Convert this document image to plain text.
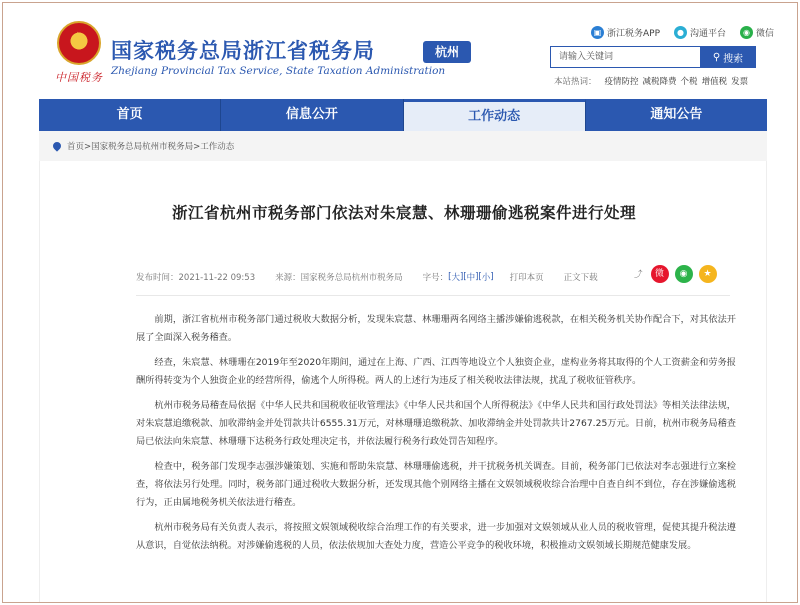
★
中国税务
国家税务总局浙江省税务局
Zhejiang Provincial Tax Service, State Taxation Administration
杭州
▣ 浙江税务APP	● 沟通平台	◉ 微信
请输入关键词	⚲ 搜索
本站热词： 疫情防控 减税降费 个税 增值税 发票
首页	信息公开	工作动态	通知公告
首页>国家税务总局杭州市税务局>工作动态
浙江省杭州市税务部门依法对朱宸慧、林珊珊偷逃税案件进行处理
发布时间：2021-11-22 09:53 来源：国家税务总局杭州市税务局 字号： [ 大 ][ 中 ][ 小 ] 打印本页 正文下载	⤴	微	◉	★

前期，浙江省杭州市税务部门通过税收大数据分析，发现朱宸慧、林珊珊两名网络主播涉嫌偷逃税款，在相关税务机关协作配合下，对其依法开展了全面深入税务稽查。

经查，朱宸慧、林珊珊在2019年至2020年期间，通过在上海、广西、江西等地设立个人独资企业，虚构业务将其取得的个人工资薪金和劳务报酬所得转变为个人独资企业的经营所得，偷逃个人所得税。两人的上述行为违反了相关税收法律法规，扰乱了税收征管秩序。

杭州市税务局稽查局依据《中华人民共和国税收征收管理法》《中华人民共和国个人所得税法》《中华人民共和国行政处罚法》等相关法律法规，对朱宸慧追缴税款、加收滞纳金并处罚款共计6555.31万元，对林珊珊追缴税款、加收滞纳金并处罚款共计2767.25万元。日前，杭州市税务局稽查局已依法向朱宸慧、林珊珊下达税务行政处理决定书，并依法履行税务行政处罚告知程序。

检查中，税务部门发现李志强涉嫌策划、实施和帮助朱宸慧、林珊珊偷逃税，并干扰税务机关调查。目前，税务部门已依法对李志强进行立案检查，将依法另行处理。同时，税务部门通过税收大数据分析，还发现其他个别网络主播在文娱领域税收综合治理中自查自纠不到位，存在涉嫌偷逃税行为，正由属地税务机关依法进行稽查。

杭州市税务局有关负责人表示，将按照文娱领域税收综合治理工作的有关要求，进一步加强对文娱领域从业人员的税收管理，促使其提升税法遵从意识，自觉依法纳税。对涉嫌偷逃税的人员，依法依规加大查处力度，营造公平竞争的税收环境，积极推动文娱领域长期规范健康发展。
